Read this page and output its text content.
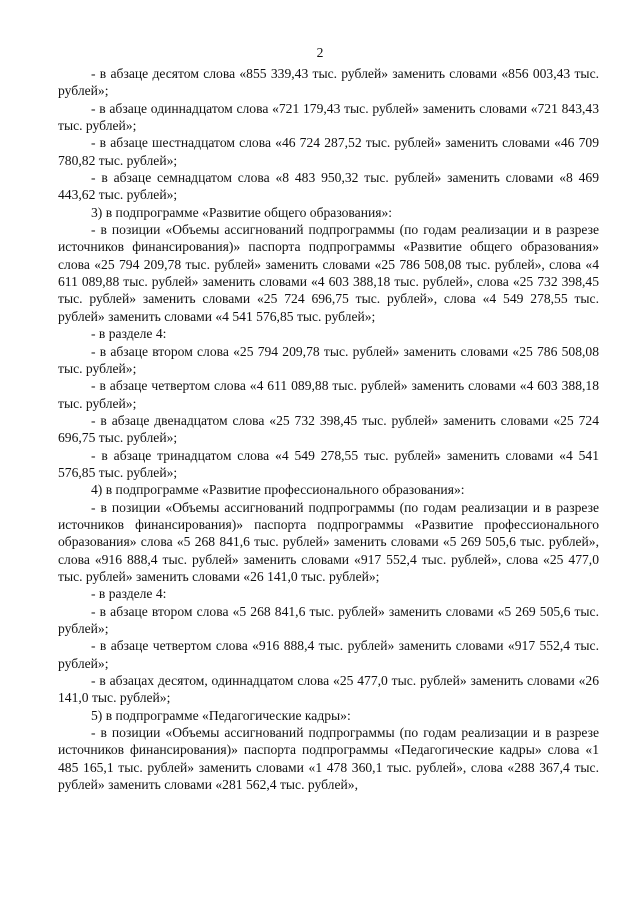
2

- в абзаце десятом слова «855 339,43 тыс. рублей» заменить словами «856 003,43 тыс. рублей»;

- в абзаце одиннадцатом слова «721 179,43 тыс. рублей» заменить словами «721 843,43 тыс. рублей»;

- в абзаце шестнадцатом слова «46 724 287,52 тыс. рублей» заменить словами «46 709 780,82 тыс. рублей»;

- в абзаце семнадцатом слова «8 483 950,32 тыс. рублей» заменить словами «8 469 443,62 тыс. рублей»;

3) в подпрограмме «Развитие общего образования»:

- в позиции «Объемы ассигнований подпрограммы (по годам реализации и в разрезе источников финансирования)» паспорта подпрограммы «Развитие общего образования» слова «25 794 209,78 тыс. рублей» заменить словами «25 786 508,08 тыс. рублей», слова «4 611 089,88 тыс. рублей» заменить словами «4 603 388,18 тыс. рублей», слова «25 732 398,45 тыс. рублей» заменить словами «25 724 696,75 тыс. рублей», слова «4 549 278,55 тыс. рублей» заменить словами «4 541 576,85 тыс. рублей»;

- в разделе 4:

- в абзаце втором слова «25 794 209,78 тыс. рублей» заменить словами «25 786 508,08 тыс. рублей»;

- в абзаце четвертом слова «4 611 089,88 тыс. рублей» заменить словами «4 603 388,18 тыс. рублей»;

- в абзаце двенадцатом слова «25 732 398,45 тыс. рублей» заменить словами «25 724 696,75 тыс. рублей»;

- в абзаце тринадцатом слова «4 549 278,55 тыс. рублей» заменить словами «4 541 576,85 тыс. рублей»;

4) в подпрограмме «Развитие профессионального образования»:

- в позиции «Объемы ассигнований подпрограммы (по годам реализации и в разрезе источников финансирования)» паспорта подпрограммы «Развитие профессионального образования» слова «5 268 841,6 тыс. рублей» заменить словами «5 269 505,6 тыс. рублей», слова «916 888,4 тыс. рублей» заменить словами «917 552,4 тыс. рублей», слова «25 477,0 тыс. рублей» заменить словами «26 141,0 тыс. рублей»;

- в разделе 4:

- в абзаце втором слова «5 268 841,6 тыс. рублей» заменить словами «5 269 505,6 тыс. рублей»;

- в абзаце четвертом слова «916 888,4 тыс. рублей» заменить словами «917 552,4 тыс. рублей»;

- в абзацах десятом, одиннадцатом слова «25 477,0 тыс. рублей» заменить словами «26 141,0 тыс. рублей»;

5) в подпрограмме «Педагогические кадры»:

- в позиции «Объемы ассигнований подпрограммы (по годам реализации и в разрезе источников финансирования)» паспорта подпрограммы «Педагогические кадры» слова «1 485 165,1 тыс. рублей» заменить словами «1 478 360,1 тыс. рублей», слова «288 367,4 тыс. рублей» заменить словами «281 562,4 тыс. рублей»,
